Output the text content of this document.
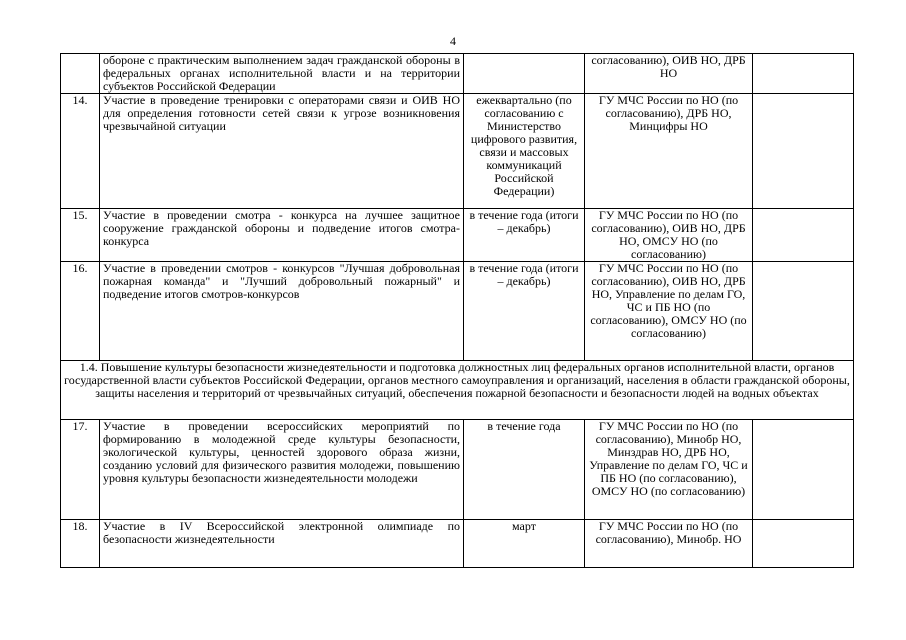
4
	обороне с практическим выполнением задач гражданской обороны в федеральных органах исполнительной власти и на территории субъектов Российской Федерации		согласованию), ОИВ НО, ДРБ НО	
14.	Участие в проведение тренировки с операторами связи и ОИВ НО для определения готовности сетей связи к угрозе возникновения чрезвычайной ситуации	ежеквартально (по согласованию с Министерство цифрового развития, связи и массовых коммуникаций Российской Федерации)	ГУ МЧС России по НО (по согласованию), ДРБ НО, Минцифры НО	
15.	Участие в проведении смотра - конкурса на лучшее защитное сооружение гражданской обороны и подведение итогов смотра-конкурса	в течение года (итоги – декабрь)	ГУ МЧС России по НО (по согласованию), ОИВ НО, ДРБ НО, ОМСУ НО (по согласованию)	
16.	Участие в проведении смотров - конкурсов "Лучшая добровольная пожарная команда" и "Лучший добровольный пожарный" и подведение итогов смотров-конкурсов	в течение года (итоги – декабрь)	ГУ МЧС России по НО (по согласованию), ОИВ НО, ДРБ НО, Управление по делам ГО, ЧС и ПБ НО (по согласованию), ОМСУ НО (по согласованию)	
1.4. Повышение культуры безопасности жизнедеятельности и подготовка должностных лиц федеральных органов исполнительной власти, органов государственной власти субъектов Российской Федерации, органов местного самоуправления и организаций, населения в области гражданской обороны, защиты населения и территорий от чрезвычайных ситуаций, обеспечения пожарной безопасности и безопасности людей на водных объектах				
17.	Участие в проведении всероссийских мероприятий по формированию в молодежной среде культуры безопасности, экологической культуры, ценностей здорового образа жизни, созданию условий для физического развития молодежи, повышению уровня культуры безопасности жизнедеятельности молодежи	в течение года	ГУ МЧС России по НО (по согласованию), Минобр НО, Минздрав НО, ДРБ НО, Управление по делам ГО, ЧС и ПБ НО (по согласованию), ОМСУ НО (по согласованию)	
18.	Участие в IV Всероссийской электронной олимпиаде по безопасности жизнедеятельности	март	ГУ МЧС России по НО (по согласованию), Минобр. НО	
